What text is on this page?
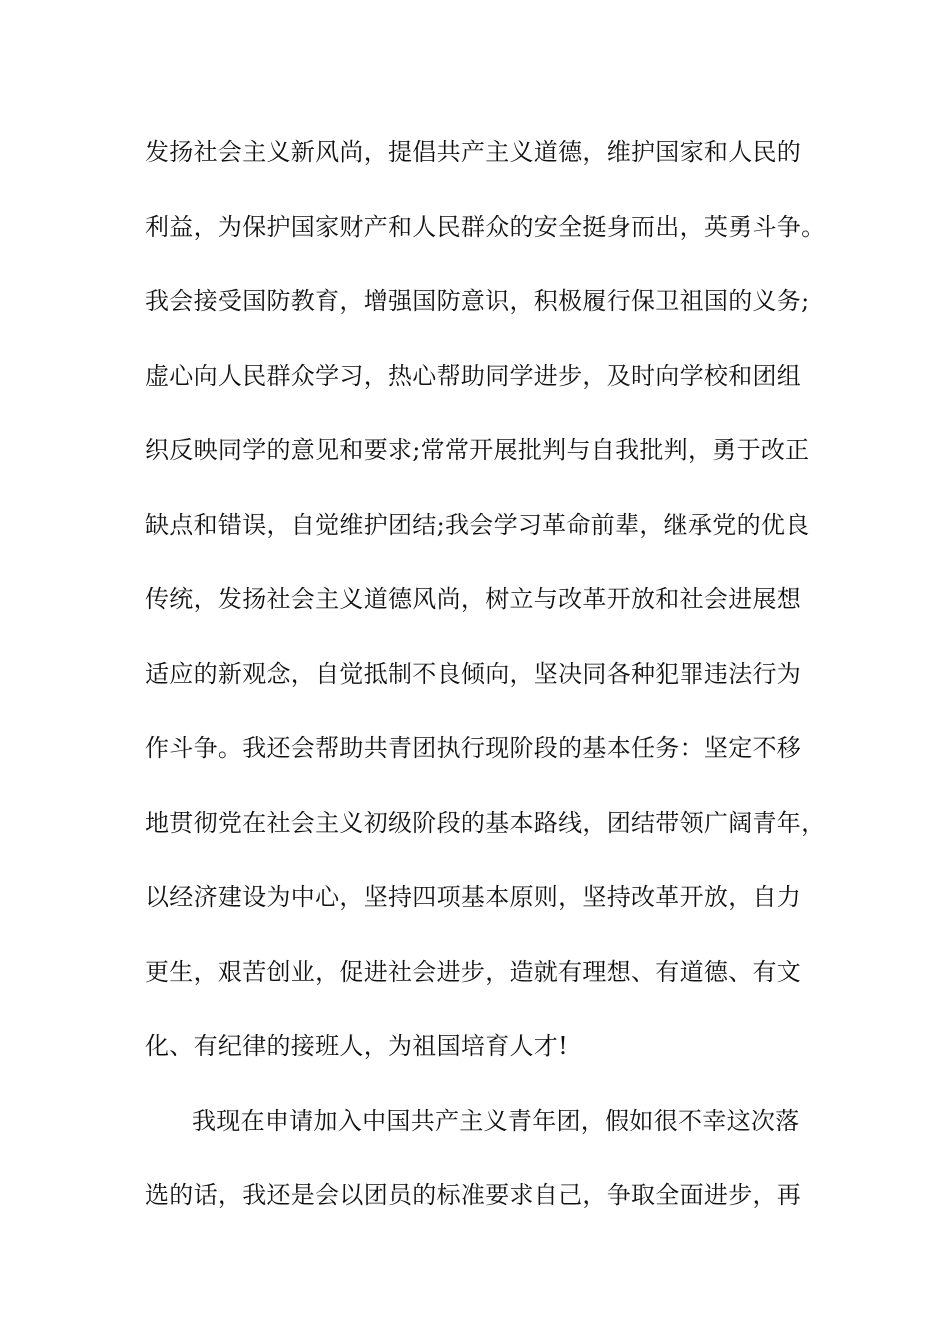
发扬社会主义新风尚，提倡共产主义道德，维护国家和人民的
利益，为保护国家财产和人民群众的安全挺身而出，英勇斗争。
我会接受国防教育，增强国防意识，积极履行保卫祖国的义务;
虚心向人民群众学习，热心帮助同学进步，及时向学校和团组
织反映同学的意见和要求;常常开展批判与自我批判，勇于改正
缺点和错误，自觉维护团结;我会学习革命前辈，继承党的优良
传统，发扬社会主义道德风尚，树立与改革开放和社会进展想
适应的新观念，自觉抵制不良倾向，坚决同各种犯罪违法行为
作斗争。我还会帮助共青团执行现阶段的基本任务：坚定不移
地贯彻党在社会主义初级阶段的基本路线，团结带领广阔青年，
以经济建设为中心，坚持四项基本原则，坚持改革开放，自力
更生，艰苦创业，促进社会进步，造就有理想、有道德、有文
化、有纪律的接班人，为祖国培育人才!
我现在申请加入中国共产主义青年团，假如很不幸这次落
选的话，我还是会以团员的标准要求自己，争取全面进步，再
